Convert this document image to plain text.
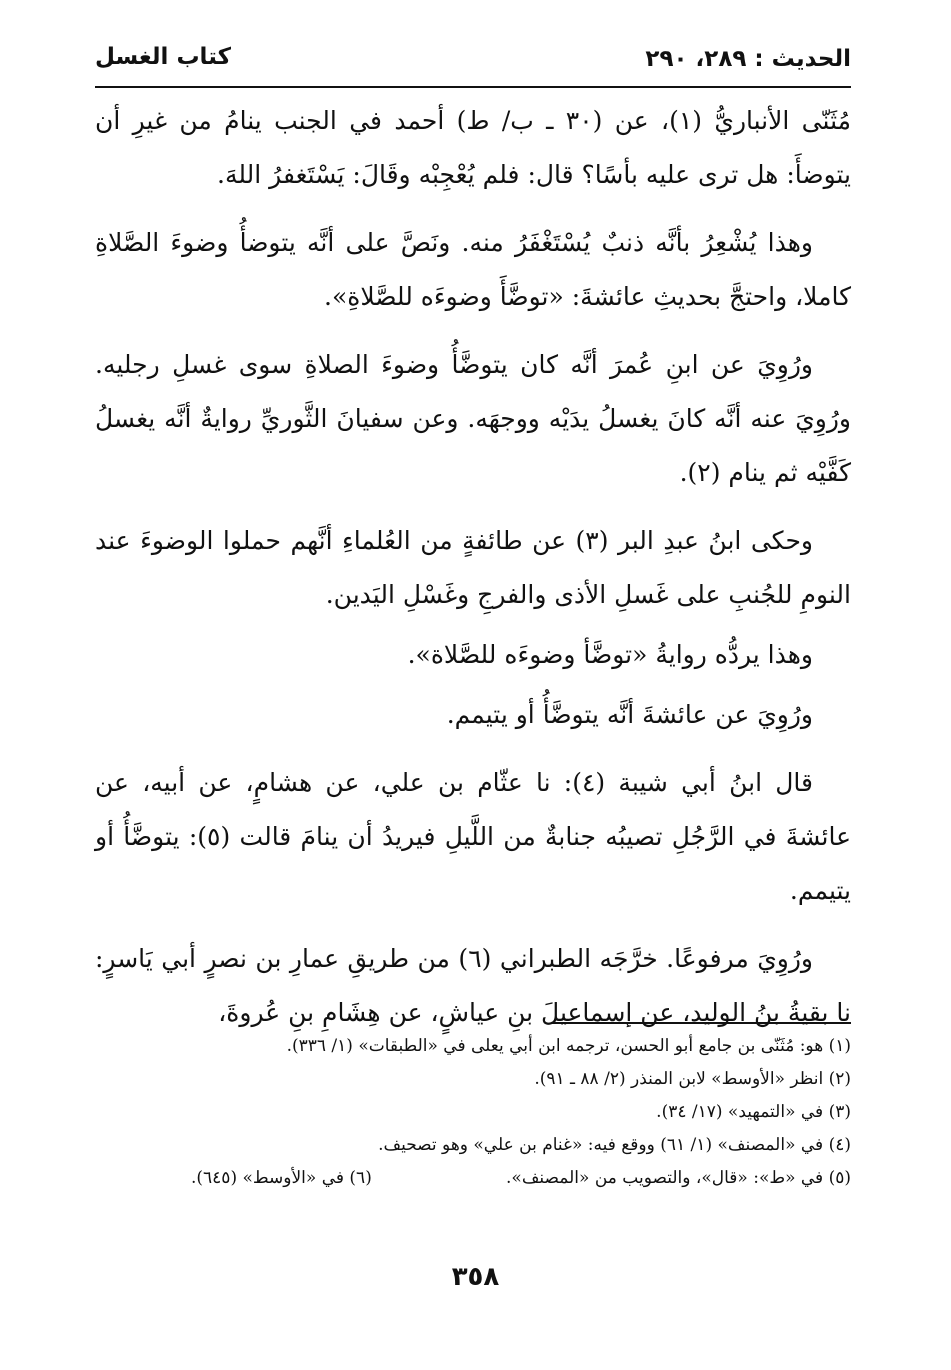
الحديث : ٢٨٩، ٢٩٠
كتاب الغسل

مُثَنّى الأنباريُّ (١)، عن (٣٠ ـ ب/ ط) أحمد في الجنب ينامُ من غيرِ أن يتوضأَ: هل ترى عليه بأسًا؟ قال: فلم يُعْجِبْه وقَالَ: يَسْتَغفرُ اللهَ.

وهذا يُشْعِرُ بأنَّه ذنبٌ يُسْتَغْفَرُ منه. ونَصَّ على أنَّه يتوضأُ وضوءَ الصَّلاةِ كاملا، واحتجَّ بحديثِ عائشةَ: «توضَّأَ وضوءَه للصَّلاةِ».

ورُوِيَ عن ابنِ عُمرَ أنَّه كان يتوضَّأُ وضوءَ الصلاةِ سوى غسلِ رجليه. ورُوِيَ عنه أنَّه كانَ يغسلُ يدَيْه ووجهَه. وعن سفيانَ الثَّوريِّ روايةٌ أنَّه يغسلُ كَفَّيْه ثم ينام (٢).

وحكى ابنُ عبدِ البر (٣) عن طائفةٍ من العُلماءِ أنَّهم حملوا الوضوءَ عند النومِ للجُنبِ على غَسلِ الأذى والفرجِ وغَسْلِ اليَدين.

وهذا يردُّه روايةُ «توضَّأ وضوءَه للصَّلاة».

ورُوِيَ عن عائشةَ أنَّه يتوضَّأُ أو يتيمم.

قال ابنُ أبي شيبة (٤): نا عثّام بن علي، عن هشامٍ، عن أبيه، عن عائشةَ في الرَّجُلِ تصيبُه جنابةٌ من اللَّيلِ فيريدُ أن ينامَ قالت (٥): يتوضَّأُ أو يتيمم.

ورُوِيَ مرفوعًا. خرَّجَه الطبراني (٦) من طريقِ عمارِ بن نصرٍ أبي يَاسرٍ: نا بقيةُ بنُ الوليد، عن إسماعيلَ بنِ عياشٍ، عن هِشَامِ بنِ عُروةَ،

(١) هو: مُثَنّى بن جامع أبو الحسن، ترجمه ابن أبي يعلى في «الطبقات» (١/ ٣٣٦).

(٢) انظر «الأوسط» لابن المنذر (٢/ ٨٨ ـ ٩١).

(٣) في «التمهيد» (١٧/ ٣٤).

(٤) في «المصنف» (١/ ٦١) ووقع فيه: «غنام بن علي» وهو تصحيف.

(٥) في «ط»: «قال»، والتصويب من «المصنف».
(٦) في «الأوسط» (٦٤٥).
٣٥٨
